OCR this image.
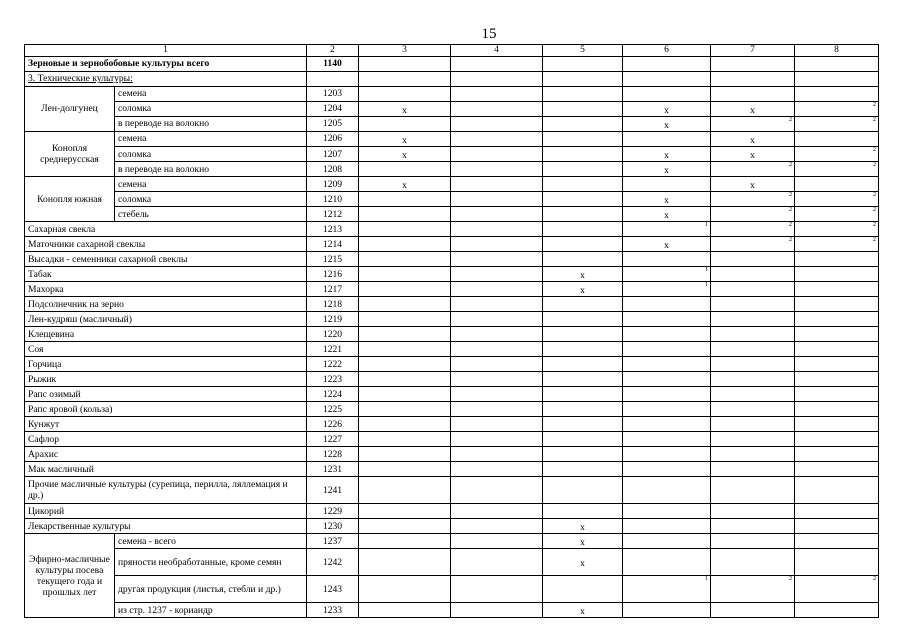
15
1		2	3	4	5	6	7	8
Зерновые и зернобобовые культуры всего		1140						
3. Технические культуры:								
Лен-долгунец	семена	1203						
	соломка	1204	x			x	x	2

	в переводе на волокно	1205				x	2	2

Конопля среднерусская	семена	1206	x				x	

	соломка	1207	x			x	x	2

	в переводе на волокно	1208				x	2	2

Конопля южная	семена	1209	x				x	

	соломка	1210				x	2	2

	стебель	1212				x	2	2

Сахарная свекла		1213				1	2	2

Маточники сахарной свеклы		1214				x	2	2

Высадки - семенники сахарной свеклы		1215						
Табак		1216			x	1		

Махорка		1217			x	1		

Подсолнечник на зерно		1218						
Лен-кудряш (масличный)		1219						
Клещевина		1220						
Соя		1221						
Горчица		1222						
Рыжик		1223						
Рапс озимый		1224						
Рапс яровой (кольза)		1225						
Кунжут		1226						
Сафлор		1227						
Арахис		1228						
Мак масличный		1231						
Прочие масличные культуры (сурепица, перилла, ляллемация и др.)		1241						
Цикорий		1229						
Лекарственные культуры		1230			x			

Эфирно-масличные культуры посева текущего года и прошлых лет	семена - всего	1237			x			

	пряности необработанные, кроме семян	1242			x			

	другая продукция (листья, стебли и др.)	1243				1	2	2

	из стр. 1237 - кориандр	1233			x			
